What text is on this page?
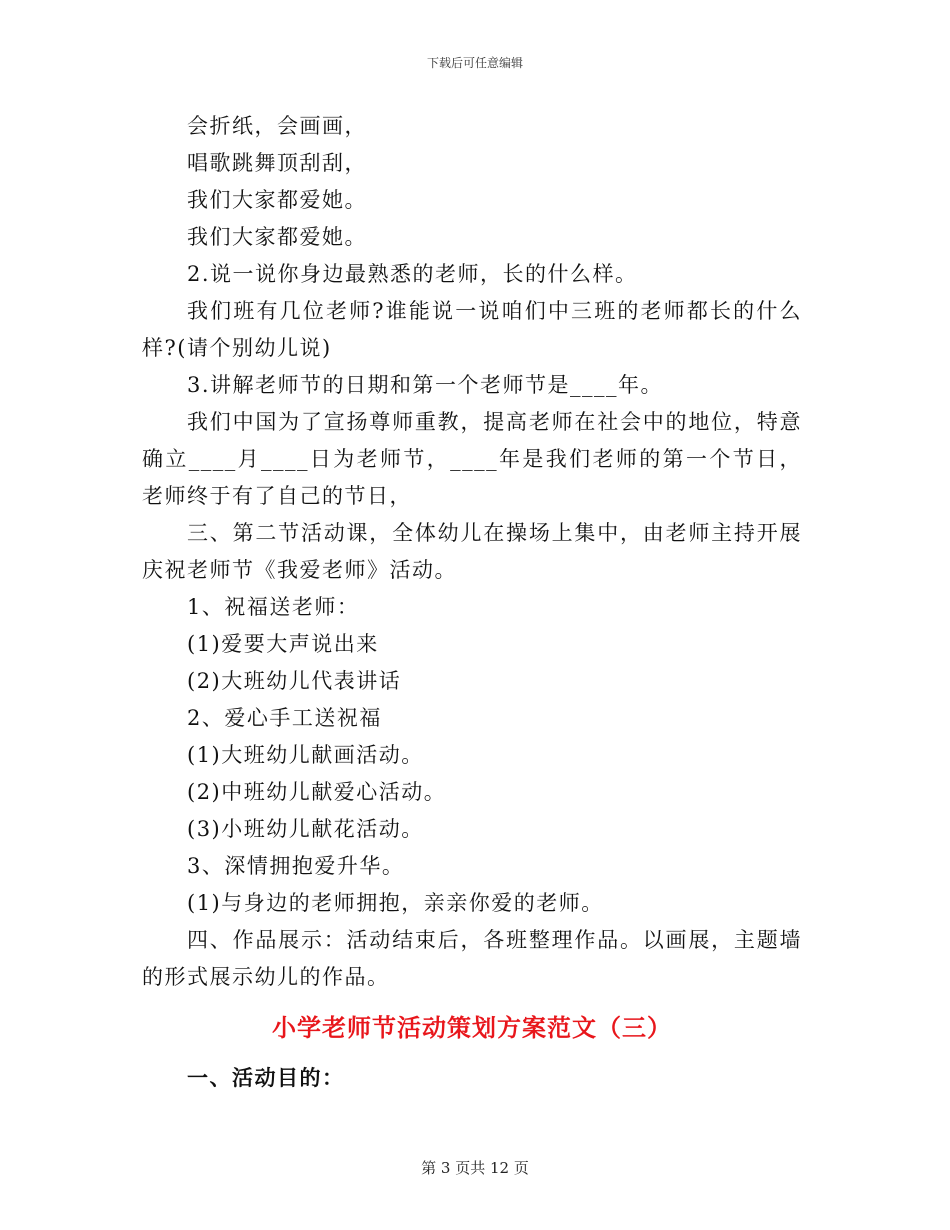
下载后可任意编辑

会折纸，会画画，

唱歌跳舞顶刮刮，

我们大家都爱她。

我们大家都爱她。

2.说一说你身边最熟悉的老师，长的什么样。

我们班有几位老师?谁能说一说咱们中三班的老师都长的什么样?(请个别幼儿说)

3.讲解老师节的日期和第一个老师节是____年。

我们中国为了宣扬尊师重教，提高老师在社会中的地位，特意确立____月____日为老师节，____年是我们老师的第一个节日，老师终于有了自己的节日，

三、第二节活动课，全体幼儿在操场上集中，由老师主持开展庆祝老师节《我爱老师》活动。

1、祝福送老师：

(1)爱要大声说出来

(2)大班幼儿代表讲话

2、爱心手工送祝福

(1)大班幼儿献画活动。

(2)中班幼儿献爱心活动。

(3)小班幼儿献花活动。

3、深情拥抱爱升华。

(1)与身边的老师拥抱，亲亲你爱的老师。

四、作品展示：活动结束后，各班整理作品。以画展，主题墙的形式展示幼儿的作品。

小学老师节活动策划方案范文（三）
一、活动目的：
第 3 页共 12 页
